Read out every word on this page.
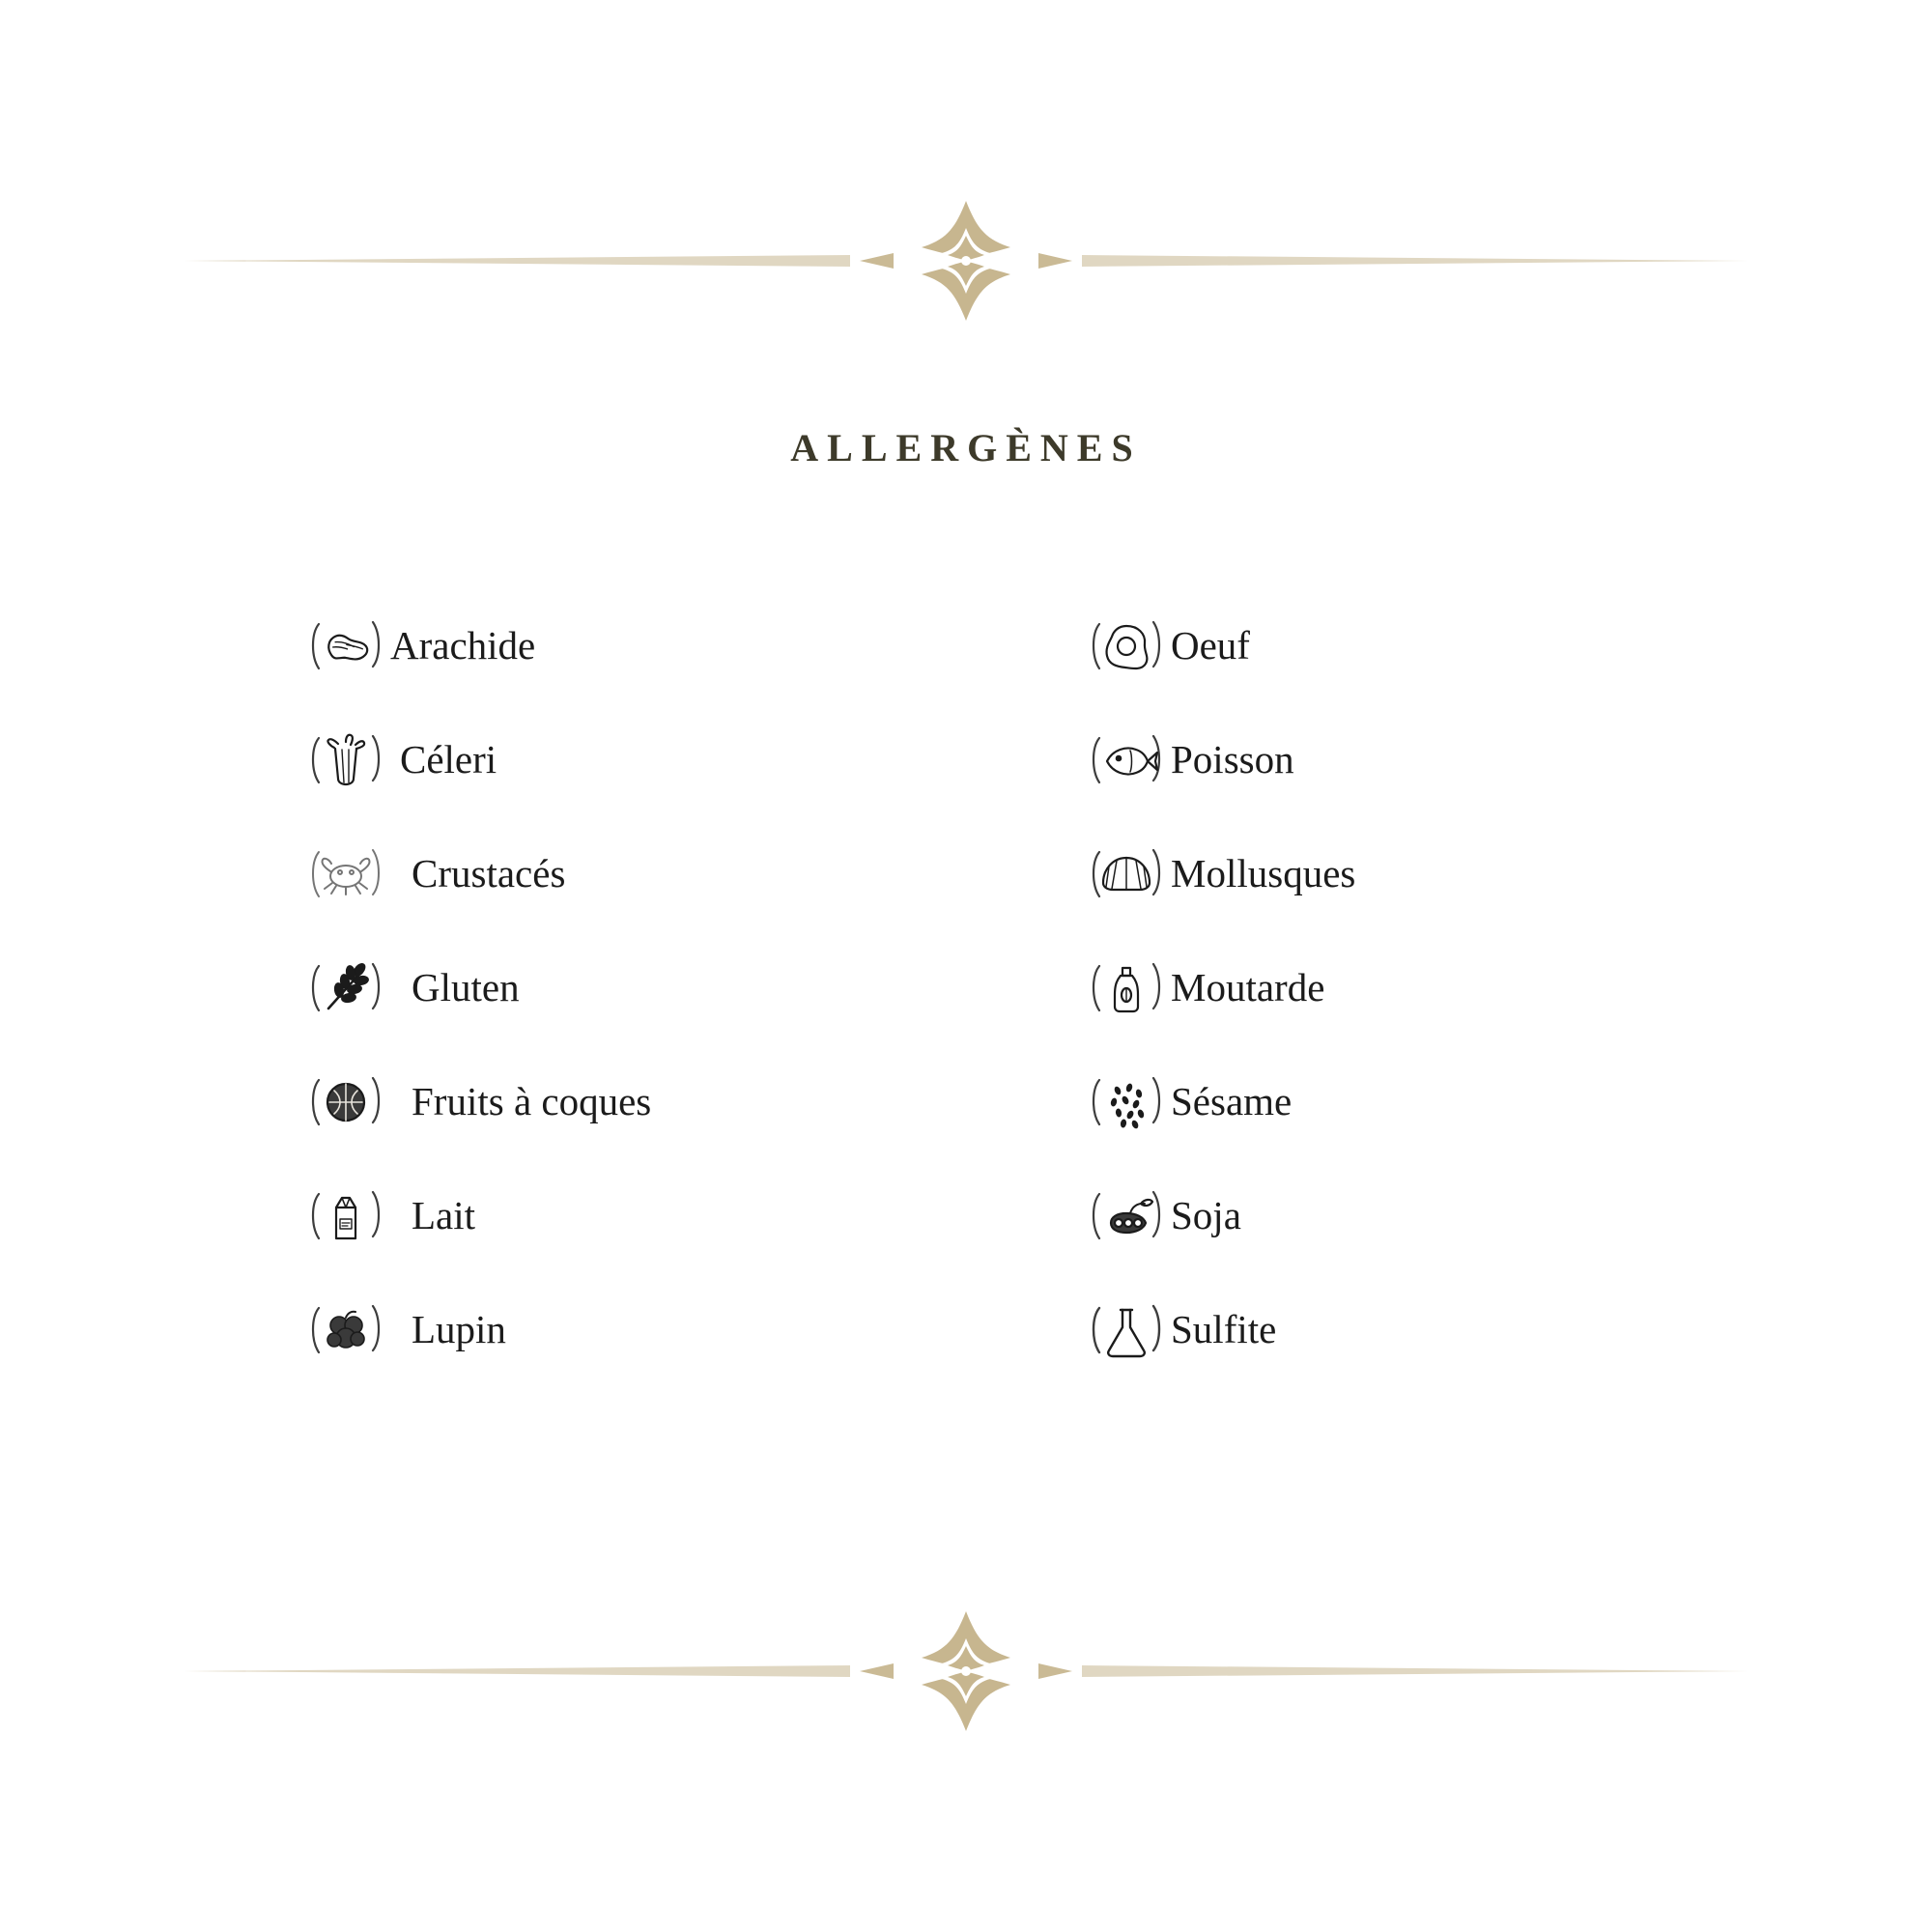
ALLERGÈNES
Arachide
Céleri
Crustacés
Gluten
Fruits à coques
Lait
Lupin
Oeuf
Poisson
Mollusques
Moutarde
Sésame
Soja
Sulfite
